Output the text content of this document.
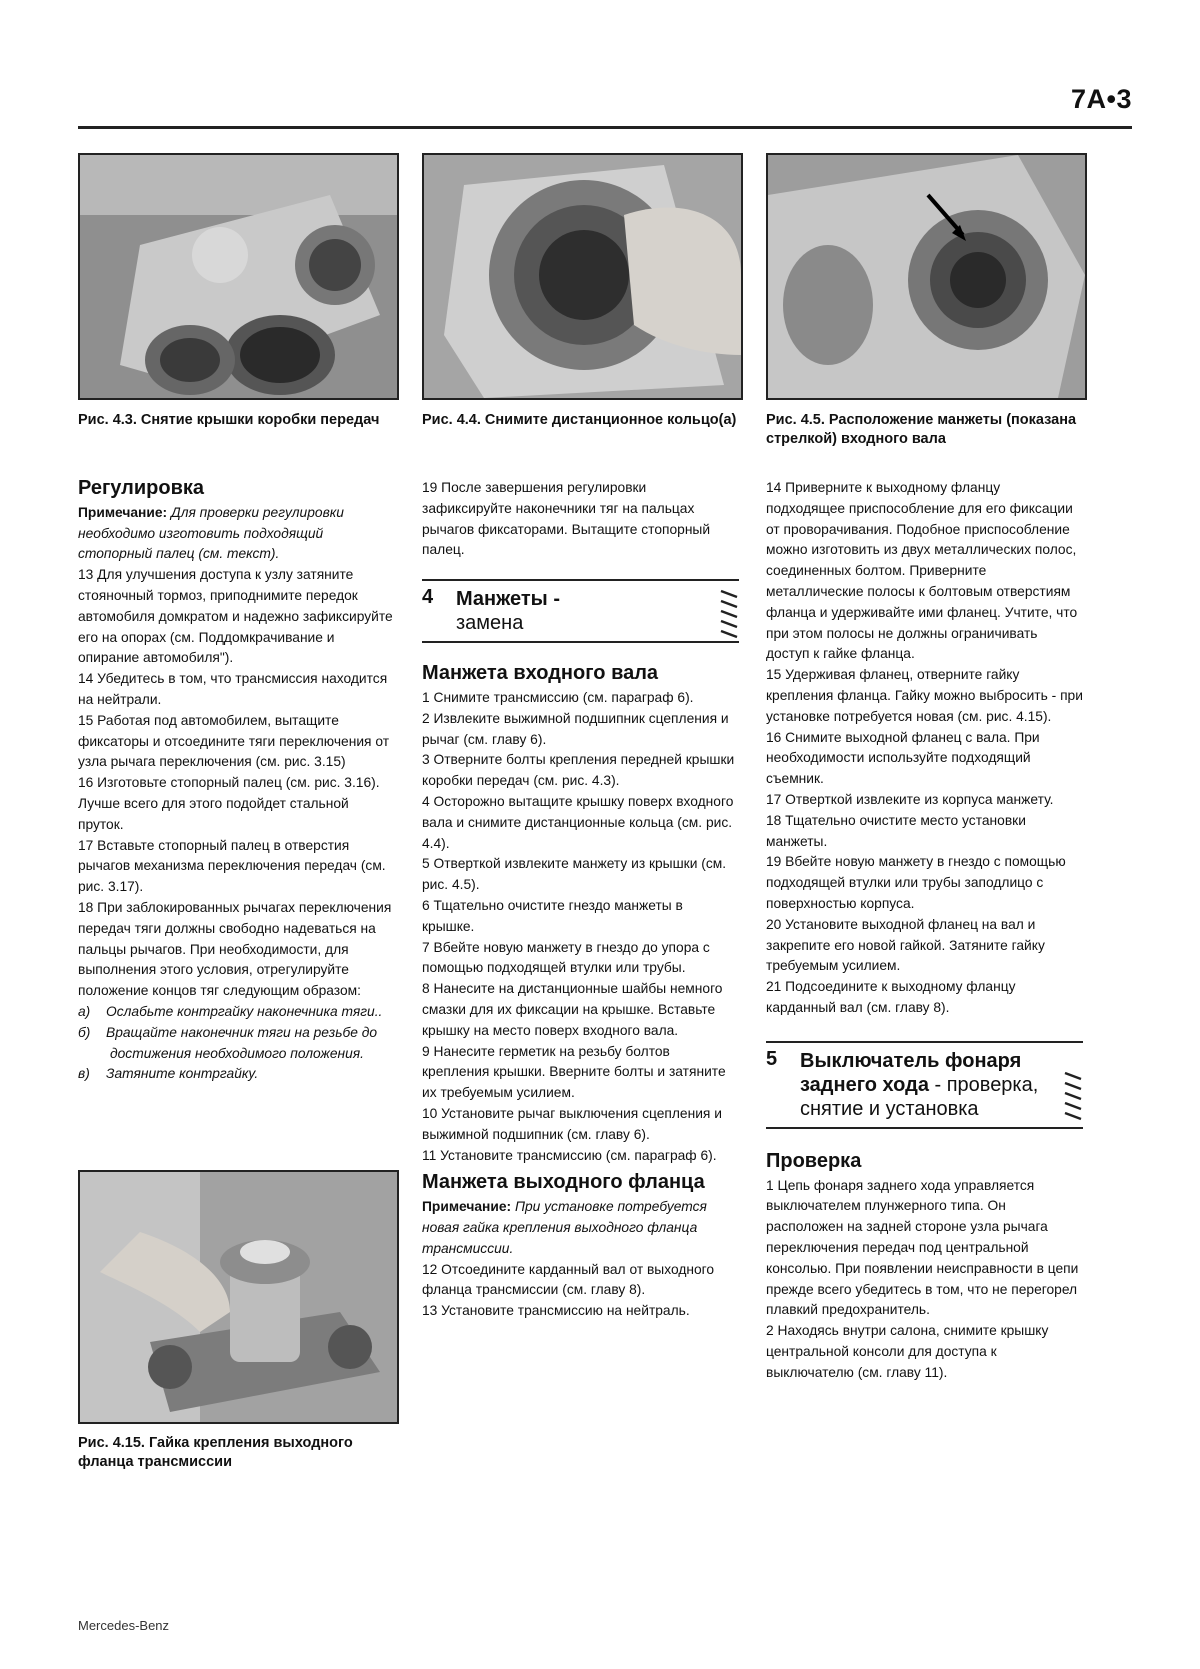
7A•3
Рис. 4.3. Снятие крышки коробки передач	Рис. 4.4. Снимите дистанционное кольцо(а) Рис. 4.5. Расположение манжеты (показана стрелкой) входного вала
Регулировка

Примечание: Для проверки регулировки необходимо изготовить подходящий стопорный палец (см. текст).

13 Для улучшения доступа к узлу затяните стояночный тормоз, приподнимите передок автомобиля домкратом и надежно зафиксируйте его на опорах (см. Поддомкрачивание и опирание автомобиля").

14 Убедитесь в том, что трансмиссия находится на нейтрали.

15 Работая под автомобилем, вытащите фиксаторы и отсоедините тяги переключения от узла рычага переключения (см. рис. 3.15)

16 Изготовьте стопорный палец (см. рис. 3.16). Лучше всего для этого подойдет стальной пруток.

17 Вставьте стопорный палец в отверстия рычагов механизма переключения передач (см. рис. 3.17).

18 При заблокированных рычагах переключения передач тяги должны свободно надеваться на пальцы рычагов. При необходимости, для выполнения этого условия, отрегулируйте положение концов тяг следующим образом:

а) Ослабьте контргайку наконечника тяги..

б) Вращайте наконечник тяги на резьбе до достижения необходимого положения.

в) Затяните контргайку.

Рис. 4.15. Гайка крепления выходного фланца трансмиссии

19 После завершения регулировки зафиксируйте наконечники тяг на пальцах рычагов фиксаторами. Вытащите стопорный палец.

4 Манжеты -
замена
Манжета входного вала

1 Снимите трансмиссию (см. параграф 6).

2 Извлеките выжимной подшипник сцепления и рычаг (см. главу 6).

3 Отверните болты крепления передней крышки коробки передач (см. рис. 4.3).

4 Осторожно вытащите крышку поверх входного вала и снимите дистанционные кольца (см. рис. 4.4).

5 Отверткой извлеките манжету из крышки (см. рис. 4.5).

6 Тщательно очистите гнездо манжеты в крышке.

7 Вбейте новую манжету в гнездо до упора с помощью подходящей втулки или трубы.

8 Нанесите на дистанционные шайбы немного смазки для их фиксации на крышке. Вставьте крышку на место поверх входного вала.

9 Нанесите герметик на резьбу болтов крепления крышки. Вверните болты и затяните их требуемым усилием.

10 Установите рычаг выключения сцепления и выжимной подшипник (см. главу 6).

11 Установите трансмиссию (см. параграф 6).

Манжета выходного фланца

Примечание: При установке потребуется новая гайка крепления выходного фланца трансмиссии.

12 Отсоедините карданный вал от выходного фланца трансмиссии (см. главу 8).

13 Установите трансмиссию на нейтраль.

14 Приверните к выходному фланцу подходящее приспособление для его фиксации от проворачивания. Подобное приспособление можно изготовить из двух металлических полос, соединенных болтом. Приверните металлические полосы к болтовым отверстиям фланца и удерживайте ими фланец. Учтите, что при этом полосы не должны ограничивать доступ к гайке фланца.

15 Удерживая фланец, отверните гайку крепления фланца. Гайку можно выбросить - при установке потребуется новая (см. рис. 4.15).

16 Снимите выходной фланец с вала. При необходимости используйте подходящий съемник.

17 Отверткой извлеките из корпуса манжету.

18 Тщательно очистите место установки манжеты.

19 Вбейте новую манжету в гнездо с помощью подходящей втулки или трубы заподлицо с поверхностью корпуса.

20 Установите выходной фланец на вал и закрепите его новой гайкой. Затяните гайку требуемым усилием.

21 Подсоедините к выходному фланцу карданный вал (см. главу 8).

5 Выключатель фонаря заднего хода - проверка,
снятие и установка
Проверка

1 Цепь фонаря заднего хода управляется выключателем плунжерного типа. Он расположен на задней стороне узла рычага переключения передач под центральной консолью. При появлении неисправности в цепи прежде всего убедитесь в том, что не перегорел плавкий предохранитель.

2 Находясь внутри салона, снимите крышку центральной консоли для доступа к выключателю (см. главу 11).

Mercedes-Benz
